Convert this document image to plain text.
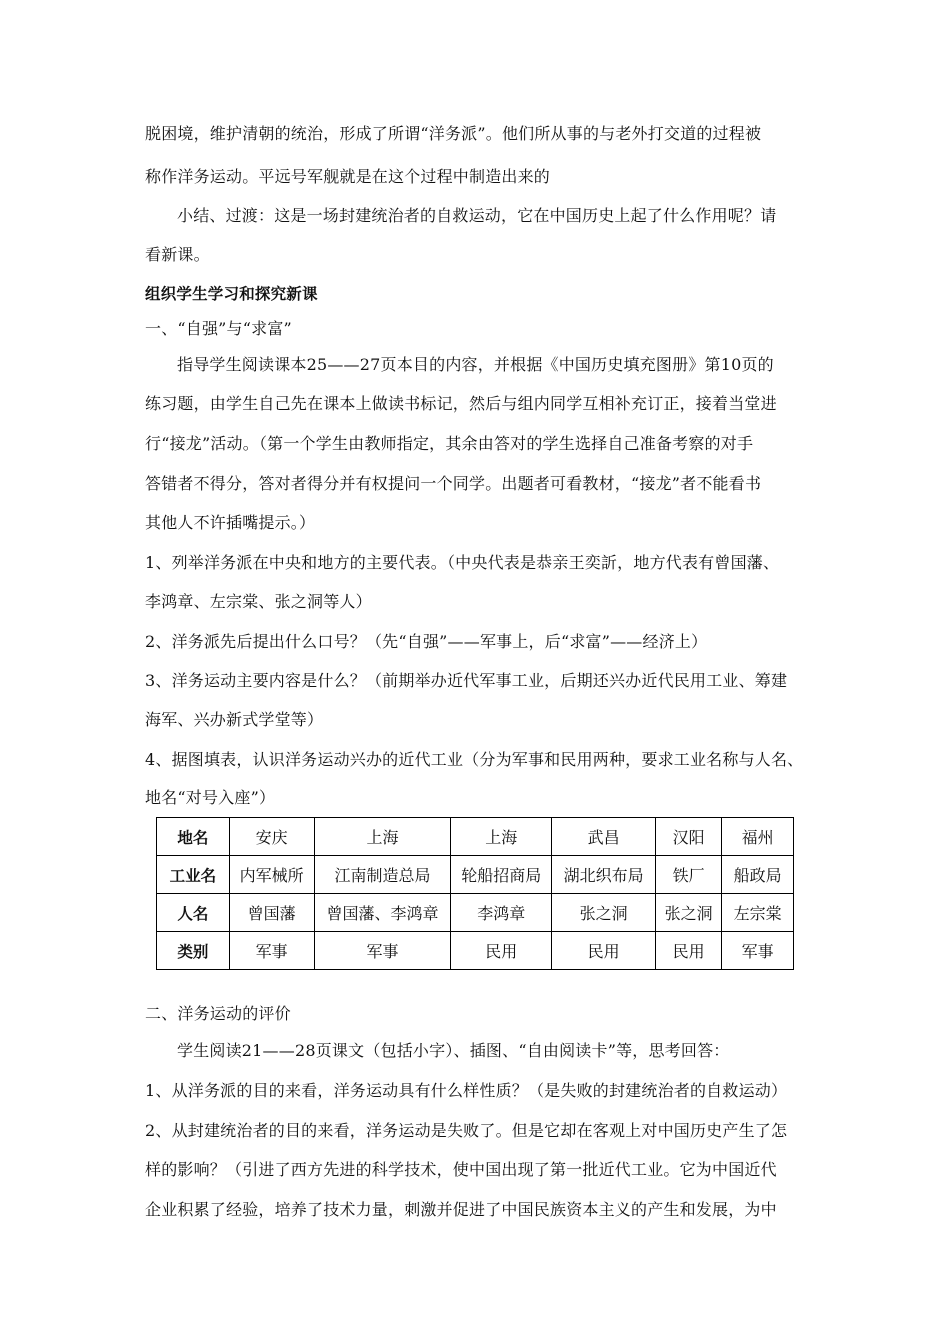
脱困境，维护清朝的统治，形成了所谓“洋务派”。他们所从事的与老外打交道的过程被
称作洋务运动。平远号军舰就是在这个过程中制造出来的
小结、过渡：这是一场封建统治者的自救运动，它在中国历史上起了什么作用呢？请
看新课。
组织学生学习和探究新课
一、“自强”与“求富”
指导学生阅读课本25——27页本目的内容，并根据《中国历史填充图册》第10页的
练习题，由学生自己先在课本上做读书标记，然后与组内同学互相补充订正，接着当堂进
行“接龙”活动。（第一个学生由教师指定，其余由答对的学生选择自己准备考察的对手
答错者不得分，答对者得分并有权提问一个同学。出题者可看教材，“接龙”者不能看书
其他人不许插嘴提示。）
1、列举洋务派在中央和地方的主要代表。（中央代表是恭亲王奕訢，地方代表有曾国藩、
李鸿章、左宗棠、张之洞等人）
2、洋务派先后提出什么口号？（先“自强”——军事上，后“求富”——经济上）
3、洋务运动主要内容是什么？（前期举办近代军事工业，后期还兴办近代民用工业、筹建
海军、兴办新式学堂等）
4、据图填表，认识洋务运动兴办的近代工业（分为军事和民用两种，要求工业名称与人名、
地名“对号入座”）
地名	安庆	上海	上海	武昌	汉阳	福州
工业名	内军械所	江南制造总局	轮船招商局	湖北织布局	铁厂	船政局
人名	曾国藩	曾国藩、李鸿章	李鸿章	张之洞	张之洞	左宗棠
类别	军事	军事	民用	民用	民用	军事
二、洋务运动的评价
学生阅读21——28页课文（包括小字）、插图、“自由阅读卡”等，思考回答：
1、从洋务派的目的来看，洋务运动具有什么样性质？（是失败的封建统治者的自救运动）
2、从封建统治者的目的来看，洋务运动是失败了。但是它却在客观上对中国历史产生了怎
样的影响？（引进了西方先进的科学技术，使中国出现了第一批近代工业。它为中国近代
企业积累了经验，培养了技术力量，刺激并促进了中国民族资本主义的产生和发展，为中
